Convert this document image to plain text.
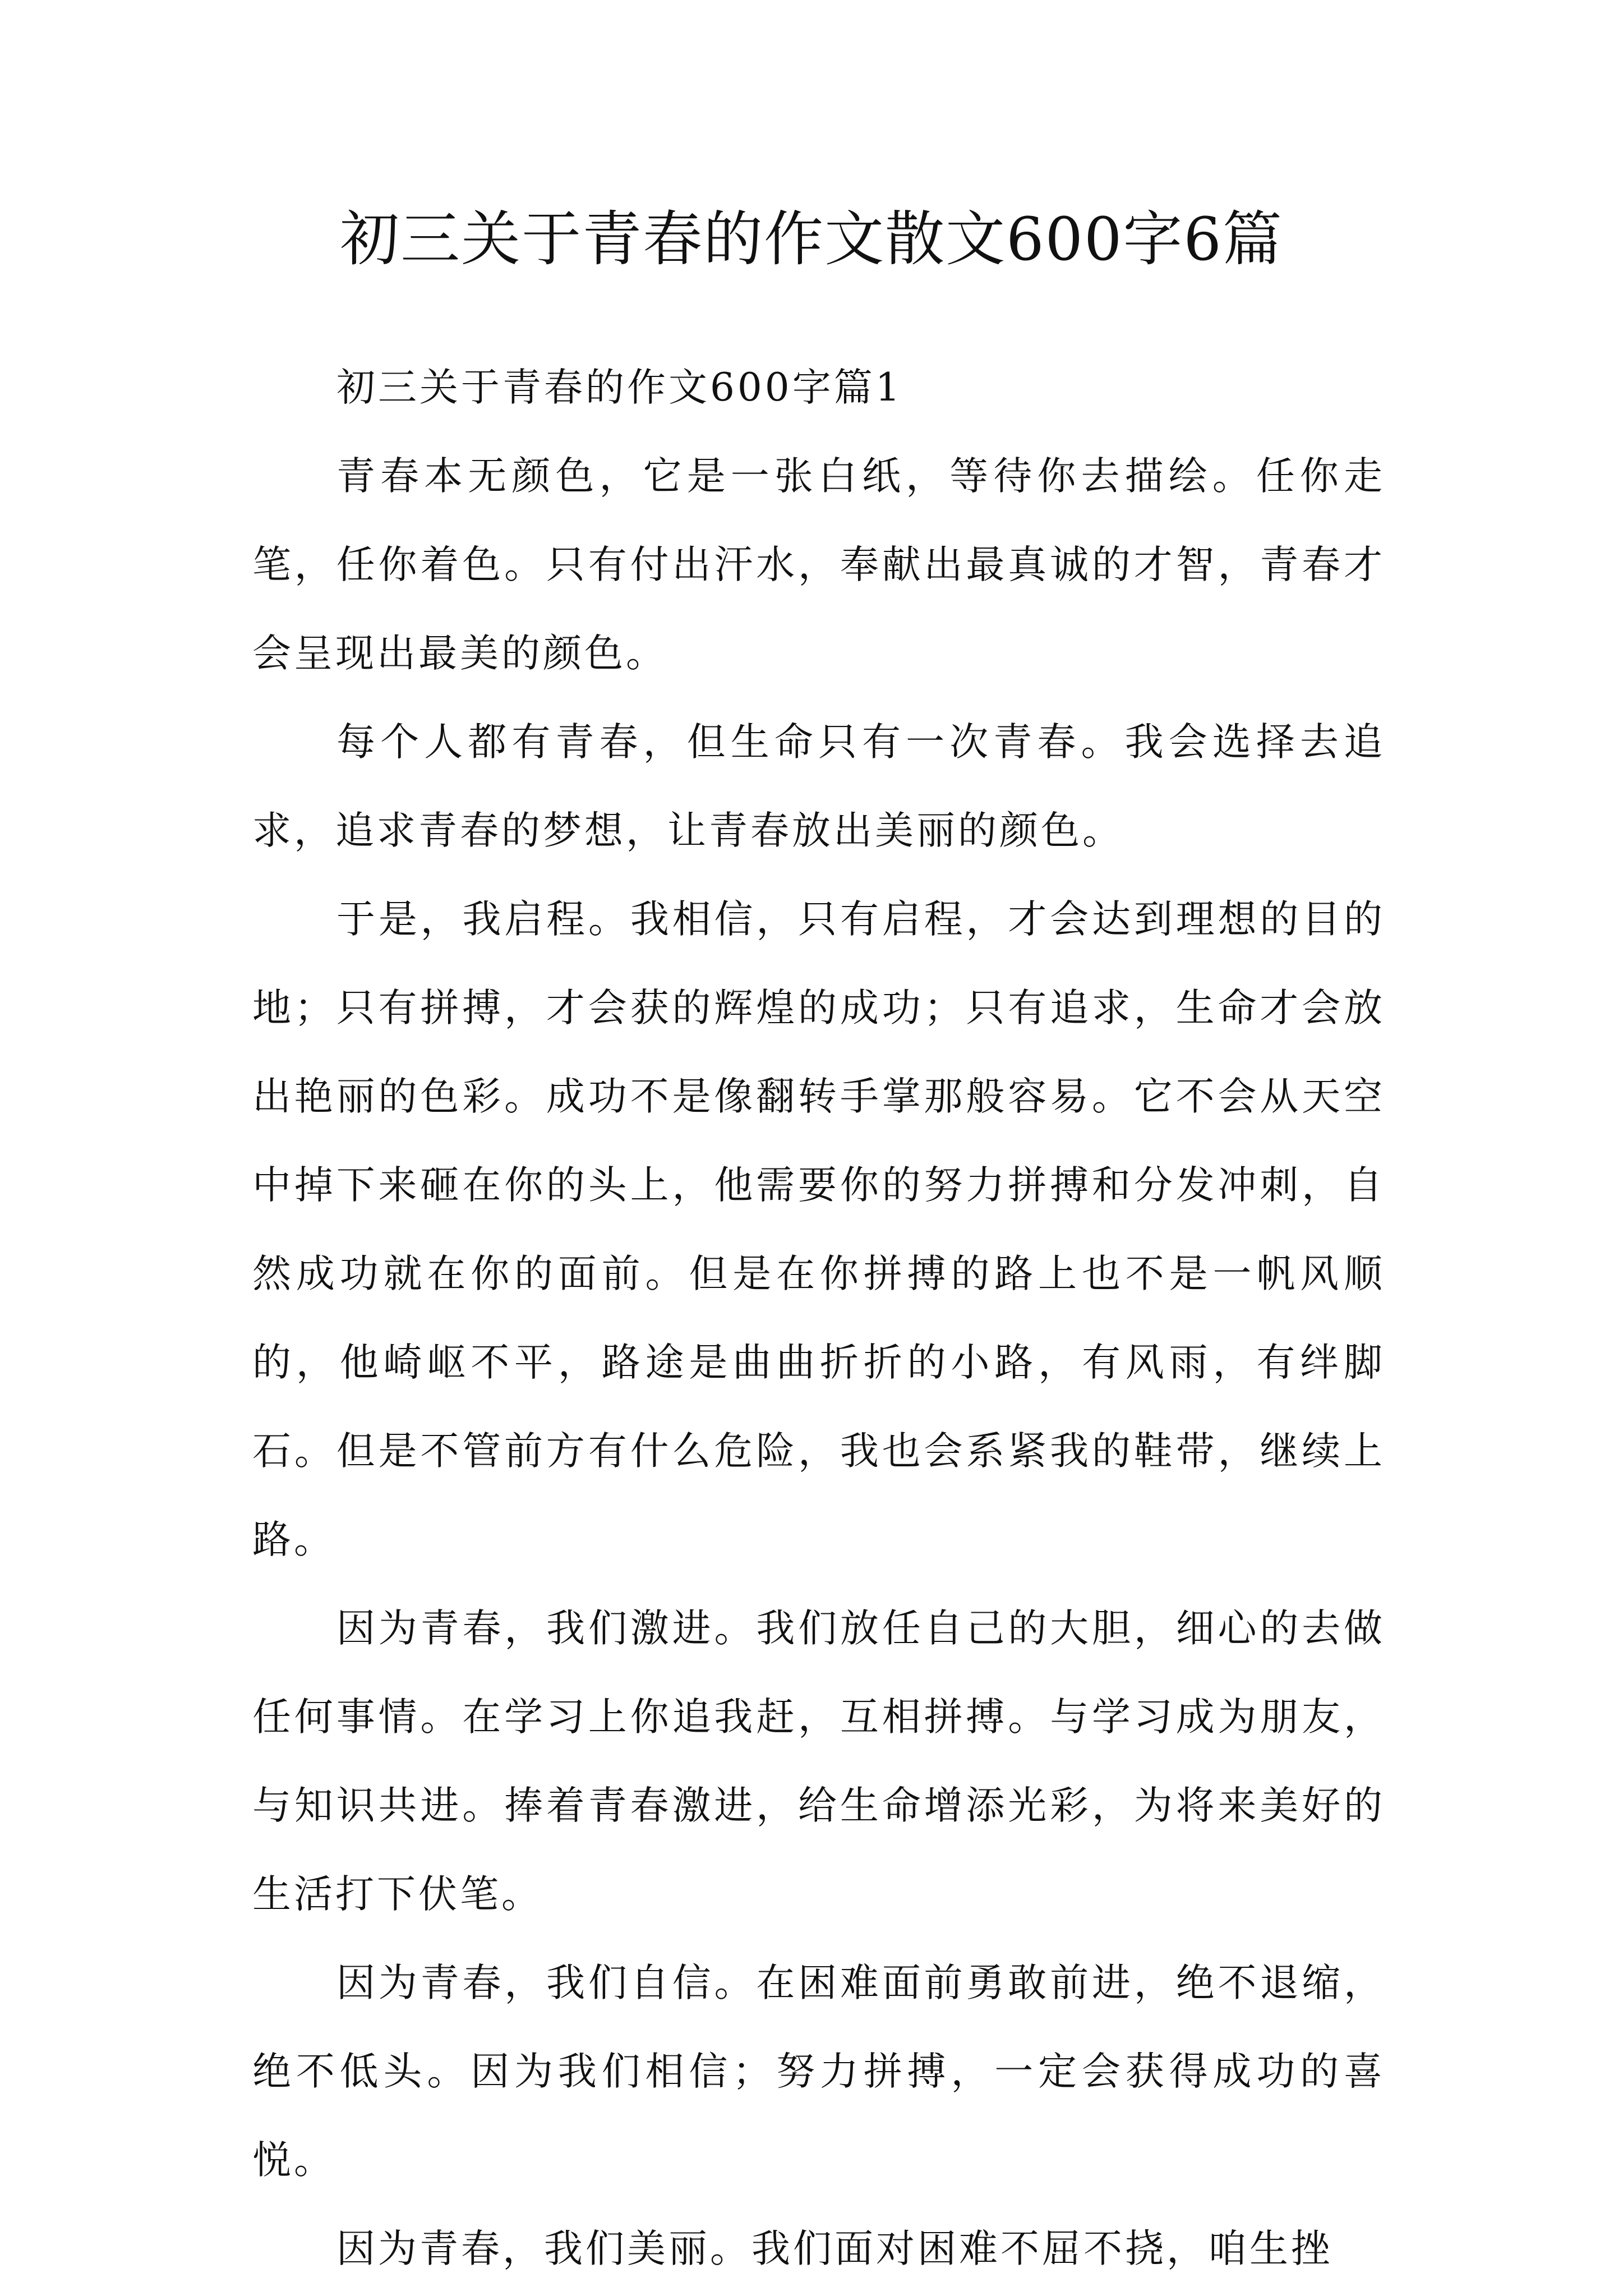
初三关于青春的作文散文600字6篇

初三关于青春的作文600字篇1

青春本无颜色，它是一张白纸，等待你去描绘。任你走笔，任你着色。只有付出汗水，奉献出最真诚的才智，青春才会呈现出最美的颜色。

每个人都有青春，但生命只有一次青春。我会选择去追求，追求青春的梦想，让青春放出美丽的颜色。

于是，我启程。我相信，只有启程，才会达到理想的目的地；只有拼搏，才会获的辉煌的成功；只有追求，生命才会放出艳丽的色彩。成功不是像翻转手掌那般容易。它不会从天空中掉下来砸在你的头上，他需要你的努力拼搏和分发冲刺，自然成功就在你的面前。但是在你拼搏的路上也不是一帆风顺的，他崎岖不平，路途是曲曲折折的小路，有风雨，有绊脚石。但是不管前方有什么危险，我也会系紧我的鞋带，继续上路。

因为青春，我们激进。我们放任自己的大胆，细心的去做任何事情。在学习上你追我赶，互相拼搏。与学习成为朋友，与知识共进。捧着青春激进，给生命增添光彩，为将来美好的生活打下伏笔。

因为青春，我们自信。在困难面前勇敢前进，绝不退缩，绝不低头。因为我们相信；努力拼搏，一定会获得成功的喜悦。

因为青春，我们美丽。我们面对困难不屈不挠，咱生挫
